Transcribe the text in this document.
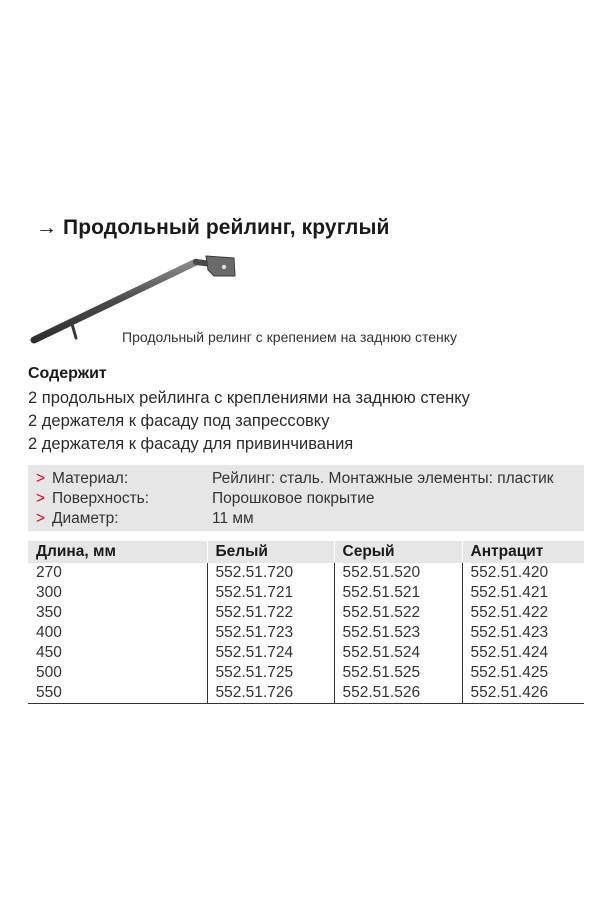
→ Продольный рейлинг, круглый
Продольный релинг с крепением на заднюю стенку
Содержит
2 продольных рейлинга с креплениями на заднюю стенку
2 держателя к фасаду под запрессовку
2 держателя к фасаду для привинчивания
> Материал:	Рейлинг: сталь. Монтажные элементы: пластик
> Поверхность:	Порошковое покрытие
> Диаметр:	11 мм
Длина, мм	Белый	Серый	Антрацит
270	552.51.720	552.51.520	552.51.420
300	552.51.721	552.51.521	552.51.421
350	552.51.722	552.51.522	552.51.422
400	552.51.723	552.51.523	552.51.423
450	552.51.724	552.51.524	552.51.424
500	552.51.725	552.51.525	552.51.425
550	552.51.726	552.51.526	552.51.426
